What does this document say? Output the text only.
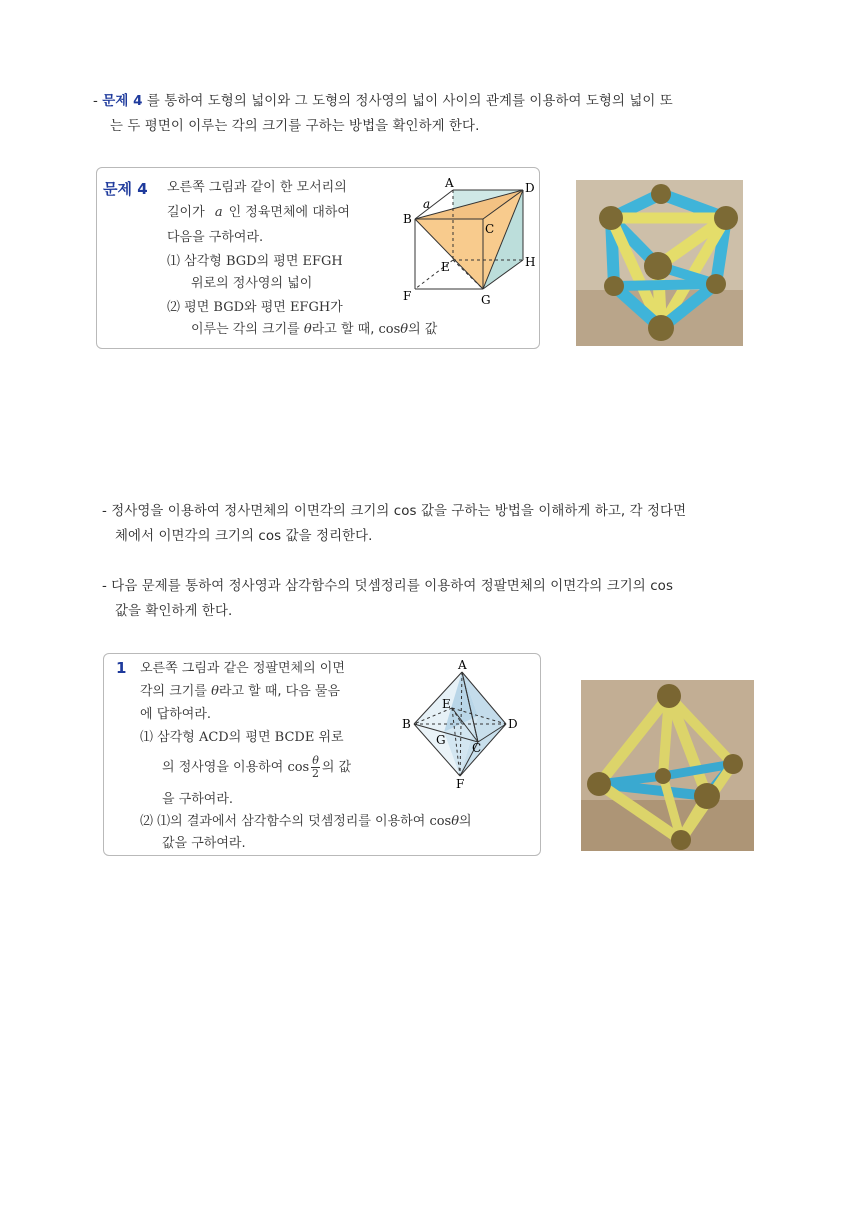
- 문제 4 를 통하여 도형의 넓이와 그 도형의 정사영의 넓이 사이의 관계를 이용하여 도형의 넓이 또
는 두 평면이 이루는 각의 크기를 구하는 방법을 확인하게 한다.
문제 4 오른쪽 그림과 같이 한 모서리의
길이가 a 인 정육면체에 대하여
다음을 구하여라.
⑴ 삼각형 BGD의 평면 EFGH
위로의 정사영의 넓이
⑵ 평면 BGD와 평면 EFGH가
이루는 각의 크기를 θ라고 할 때, cosθ의 값
A	D
B
C
E	H
F	G
a
- 정사영을 이용하여 정사면체의 이면각의 크기의 cos 값을 구하는 방법을 이해하게 하고, 각 정다면
체에서 이면각의 크기의 cos 값을 정리한다.
- 다음 문제를 통하여 정사영과 삼각함수의 덧셈정리를 이용하여 정팔면체의 이면각의 크기의 cos
값을 확인하게 한다.
1 오른쪽 그림과 같은 정팔면체의 이면
각의 크기를 θ라고 할 때, 다음 물음
에 답하여라.
⑴ 삼각형 ACD의 평면 BCDE 위로
의 정사영을 이용하여 $\cos \frac{\theta}{2}$ 의 값
을 구하여라.
⑵ ⑴의 결과에서 삼각함수의 덧셈정리를 이용하여 cosθ의
값을 구하여라.
A
B	D
E
G
C
F
